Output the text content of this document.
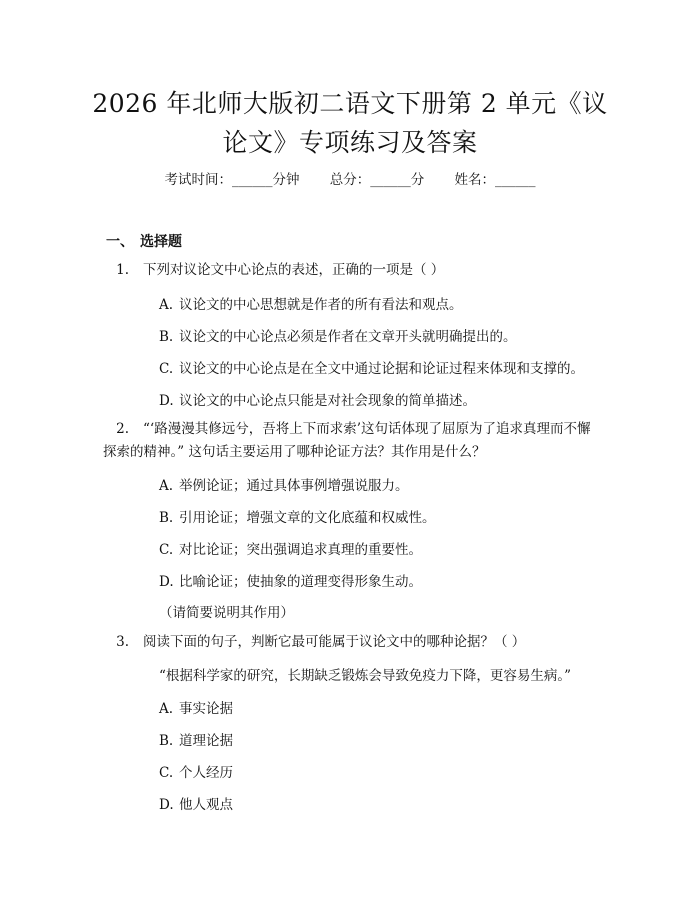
2026 年北师大版初二语文下册第 2 单元《议
论文》专项练习及答案
考试时间：______分钟 总分：______分 姓名：______
一、 选择题
1. 下列对议论文中心论点的表述，正确的一项是（ ）
A. 议论文的中心思想就是作者的所有看法和观点。
B. 议论文的中心论点必须是作者在文章开头就明确提出的。
C. 议论文的中心论点是在全文中通过论据和论证过程来体现和支撑的。
D. 议论文的中心论点只能是对社会现象的简单描述。
2. “‘路漫漫其修远兮，吾将上下而求索’这句话体现了屈原为了追求真理而不懈探索的精神。” 这句话主要运用了哪种论证方法？其作用是什么？
A. 举例论证；通过具体事例增强说服力。
B. 引用论证；增强文章的文化底蕴和权威性。
C. 对比论证；突出强调追求真理的重要性。
D. 比喻论证；使抽象的道理变得形象生动。
（请简要说明其作用）
3. 阅读下面的句子，判断它最可能属于议论文中的哪种论据？（ ）
“根据科学家的研究，长期缺乏锻炼会导致免疫力下降，更容易生病。”
A. 事实论据
B. 道理论据
C. 个人经历
D. 他人观点
